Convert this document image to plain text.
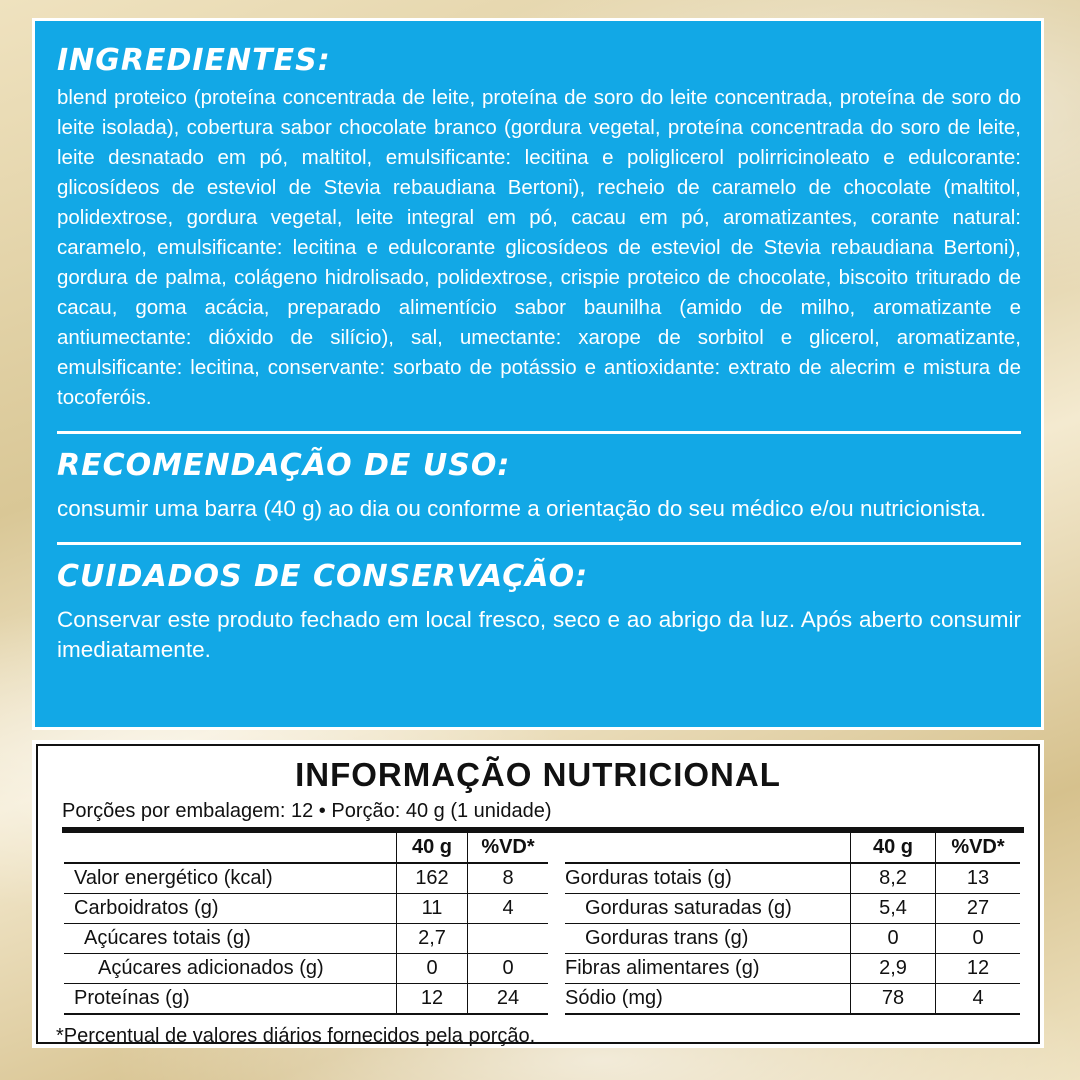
INGREDIENTES:

blend proteico (proteína concentrada de leite, proteína de soro do leite concentrada, proteína de soro do leite isolada), cobertura sabor chocolate branco (gordura vegetal, proteína concentrada do soro de leite, leite desnatado em pó, maltitol, emulsificante: lecitina e poliglicerol polirricinoleato e edulcorante: glicosídeos de esteviol de Stevia rebaudiana Bertoni), recheio de caramelo de chocolate (maltitol, polidextrose, gordura vegetal, leite integral em pó, cacau em pó, aromatizantes, corante natural: caramelo, emulsificante: lecitina e edulcorante glicosídeos de esteviol de Stevia rebaudiana Bertoni), gordura de palma, colágeno hidrolisado, polidextrose, crispie proteico de chocolate, biscoito triturado de cacau, goma acácia, preparado alimentício sabor baunilha (amido de milho, aromatizante e antiumectante: dióxido de silício), sal, umectante: xarope de sorbitol e glicerol, aromatizante, emulsificante: lecitina, conservante: sorbato de potássio e antioxidante: extrato de alecrim e mistura de tocoferóis.

RECOMENDAÇÃO DE USO:

consumir uma barra (40 g) ao dia ou conforme a orientação do seu médico e/ou nutricionista.

CUIDADOS DE CONSERVAÇÃO:

Conservar este produto fechado em local fresco, seco e ao abrigo da luz. Após aberto consumir imediatamente.

INFORMAÇÃO NUTRICIONAL
Porções por embalagem: 12 • Porção: 40 g (1 unidade)
	40 g	%VD*
Valor energético (kcal)	162	8
Carboidratos (g)	11	4
Açúcares totais (g)	2,7	
Açúcares adicionados (g)	0	0
Proteínas (g)	12	24
	40 g	%VD*
Gorduras totais (g)	8,2	13
Gorduras saturadas (g)	5,4	27
Gorduras trans (g)	0	0
Fibras alimentares (g)	2,9	12
Sódio (mg)	78	4
*Percentual de valores diários fornecidos pela porção.
